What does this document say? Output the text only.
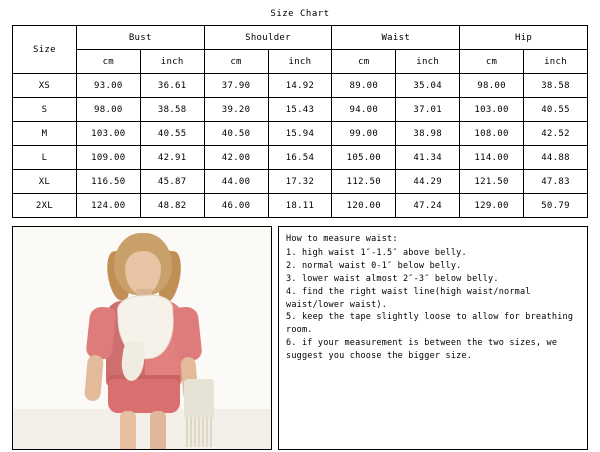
Size Chart
Size	Bust		Shoulder		Waist		Hip	
	cm	inch	cm	inch	cm	inch	cm	inch
XS	93.00	36.61	37.90	14.92	89.00	35.04	98.00	38.58
S	98.00	38.58	39.20	15.43	94.00	37.01	103.00	40.55
M	103.00	40.55	40.50	15.94	99.00	38.98	108.00	42.52
L	109.00	42.91	42.00	16.54	105.00	41.34	114.00	44.88
XL	116.50	45.87	44.00	17.32	112.50	44.29	121.50	47.83
2XL	124.00	48.82	46.00	18.11	120.00	47.24	129.00	50.79
How to measure waist:
1. high waist 1″-1.5″ above belly.
2. normal waist 0-1″ below belly.
3. lower waist almost 2″-3″ below belly.
4. find the right waist line(high waist/normal waist/lower waist).
5. keep the tape slightly loose to allow for breathing room.
6. if your measurement is between the two sizes, we suggest you choose the bigger size.
